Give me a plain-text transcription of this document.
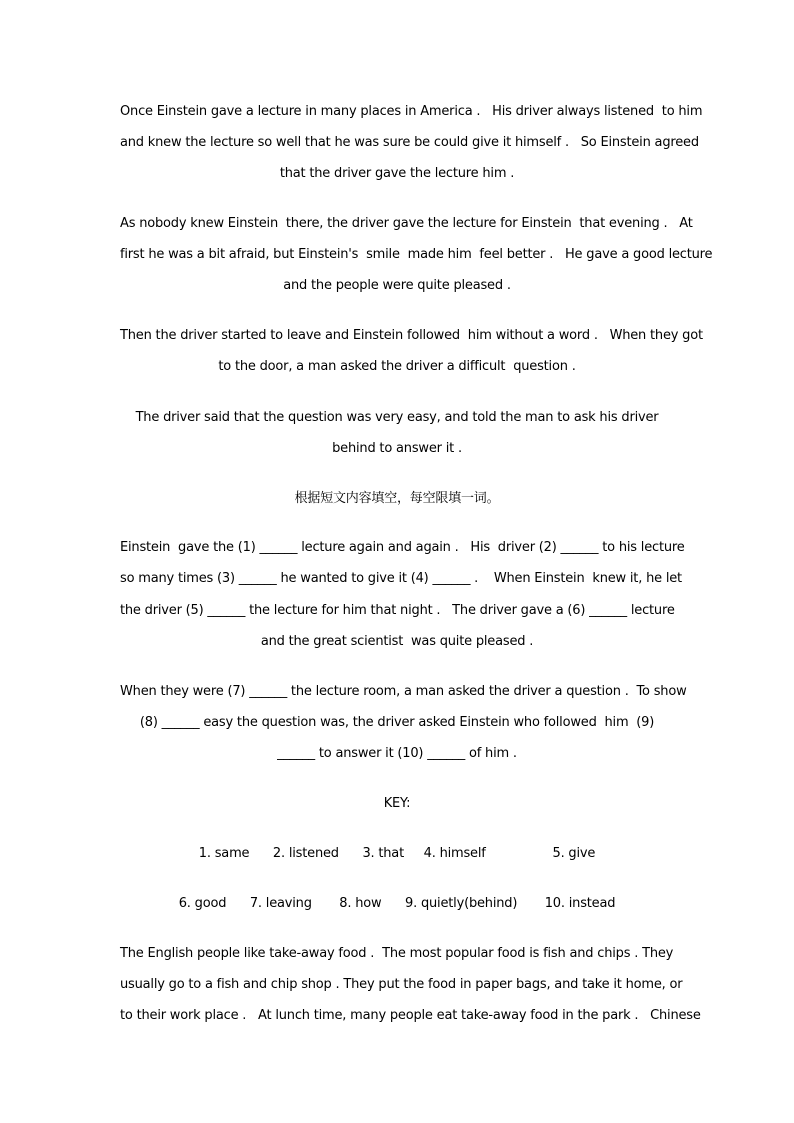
Once Einstein gave a lecture in many places in America .   His driver always listened  to him
and knew the lecture so well that he was sure be could give it himself .   So Einstein agreed
that the driver gave the lecture him .
As nobody knew Einstein  there, the driver gave the lecture for Einstein  that evening .   At
first he was a bit afraid, but Einstein's  smile  made him  feel better .   He gave a good lecture
and the people were quite pleased .
Then the driver started to leave and Einstein followed  him without a word .   When they got
to the door, a man asked the driver a difficult  question .
The driver said that the question was very easy, and told the man to ask his driver
behind to answer it .
根据短文内容填空，每空限填一词。
Einstein  gave the (1) ______ lecture again and again .   His  driver (2) ______ to his lecture
so many times (3) ______ he wanted to give it (4) ______ .    When Einstein  knew it, he let
the driver (5) ______ the lecture for him that night .   The driver gave a (6) ______ lecture
and the great scientist  was quite pleased .
When they were (7) ______ the lecture room, a man asked the driver a question .  To show
(8) ______ easy the question was, the driver asked Einstein who followed  him  (9)
______ to answer it (10) ______ of him .
KEY:
1. same      2. listened      3. that     4. himself                 5. give
6. good      7. leaving       8. how      9. quietly(behind)       10. instead
The English people like take-away food .  The most popular food is fish and chips . They
usually go to a fish and chip shop . They put the food in paper bags, and take it home, or
to their work place .   At lunch time, many people eat take-away food in the park .   Chinese
